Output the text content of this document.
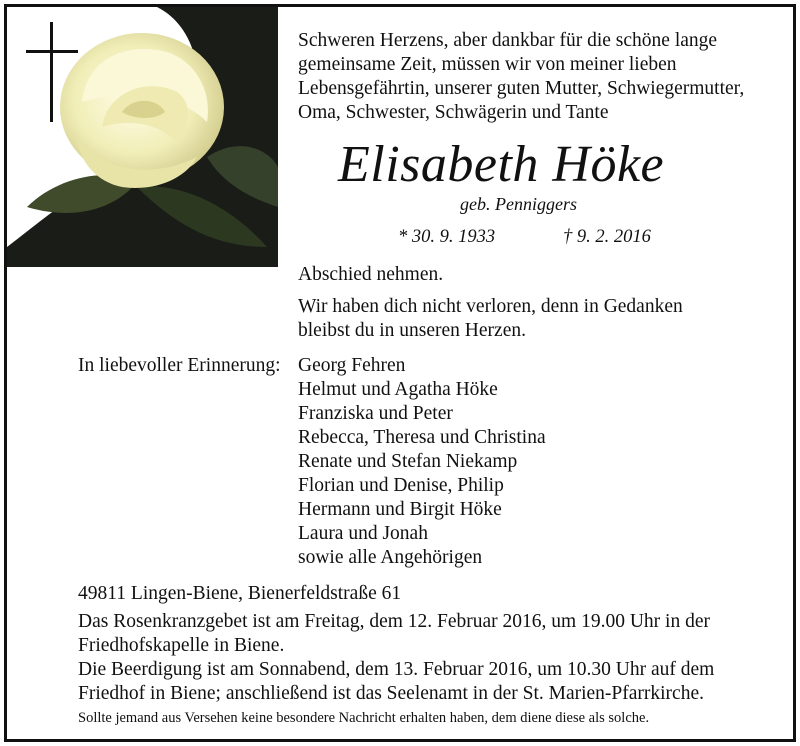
Schweren Herzens, aber dankbar für die schöne lange
gemeinsame Zeit, müssen wir von meiner lieben
Lebensgefährtin, unserer guten Mutter, Schwiegermutter,
Oma, Schwester, Schwägerin und Tante
Elisabeth Höke
geb. Penniggers
* 30. 9. 1933	† 9. 2. 2016
Abschied nehmen.
Wir haben dich nicht verloren, denn in Gedanken
bleibst du in unseren Herzen.
In liebevoller Erinnerung: Georg Fehren
Helmut und Agatha Höke
Franziska und Peter
Rebecca, Theresa und Christina
Renate und Stefan Niekamp
Florian und Denise, Philip
Hermann und Birgit Höke
Laura und Jonah
sowie alle Angehörigen
49811 Lingen-Biene, Bienerfeldstraße 61
Das Rosenkranzgebet ist am Freitag, dem 12. Februar 2016, um 19.00 Uhr in der
Friedhofskapelle in Biene.
Die Beerdigung ist am Sonnabend, dem 13. Februar 2016, um 10.30 Uhr auf dem
Friedhof in Biene; anschließend ist das Seelenamt in der St. Marien-Pfarrkirche.
Sollte jemand aus Versehen keine besondere Nachricht erhalten haben, dem diene diese als solche.
